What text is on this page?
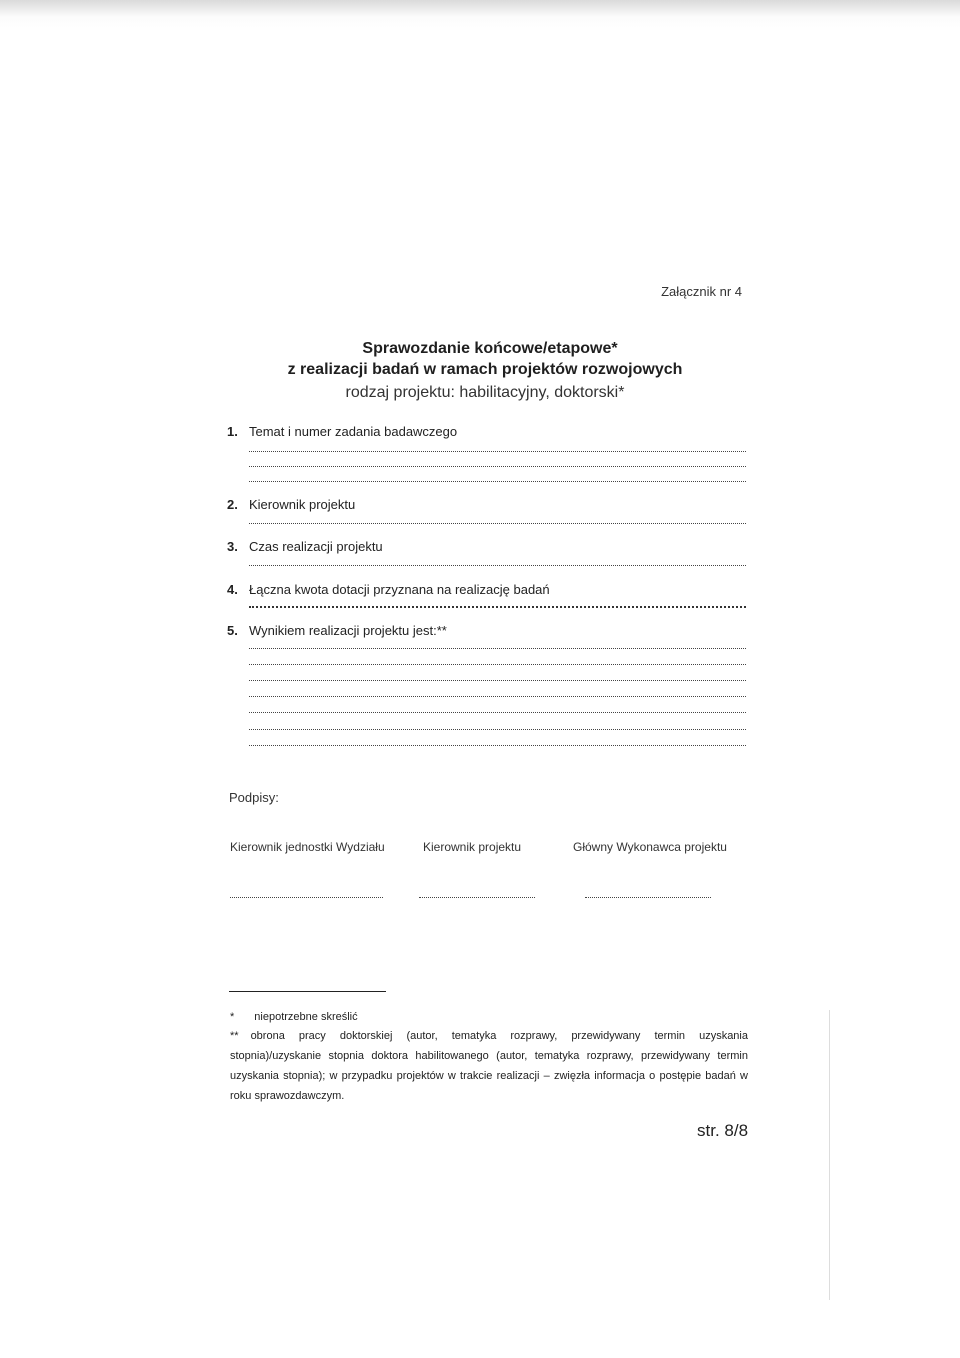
Załącznik nr 4
Sprawozdanie końcowe/etapowe*
z realizacji badań w ramach projektów rozwojowych
rodzaj projektu: habilitacyjny, doktorski*
1. Temat i numer zadania badawczego
2. Kierownik projektu
3. Czas realizacji projektu
4. Łączna kwota dotacji przyznana na realizację badań
5. Wynikiem realizacji projektu jest:**
Podpisy:
Kierownik jednostki Wydziału	Kierownik projektu	Główny Wykonawca projektu
* niepotrzebne skreślić
** obrona pracy doktorskiej (autor, tematyka rozprawy, przewidywany termin uzyskania stopnia)/uzyskanie stopnia doktora habilitowanego (autor, tematyka rozprawy, przewidywany termin uzyskania stopnia); w przypadku projektów w trakcie realizacji – zwięzła informacja o postępie badań w roku sprawozdawczym.
str. 8/8
